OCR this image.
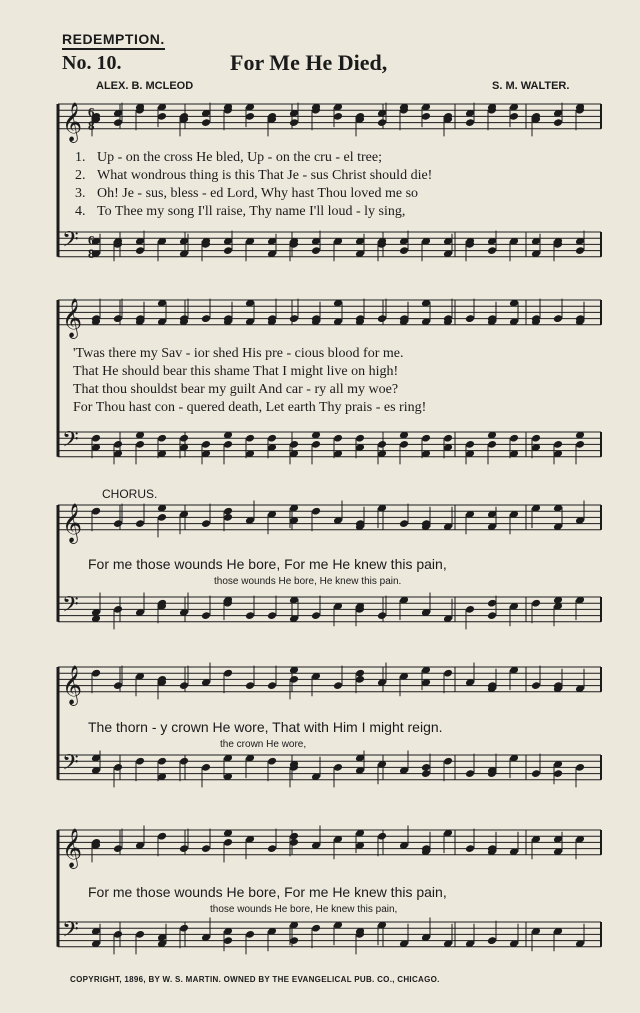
REDEMPTION.
No. 10.	For Me He Died,
ALEX. B. MCLEOD	S. M. WALTER.
𝄞
𝄢
𝄞
𝄢
𝄞
𝄢
𝄞
𝄢
𝄞
𝄢
6
8
6
8
1. Up - on the cross He bled, Up - on the cru - el tree;
2. What wondrous thing is this That Je - sus Christ should die!
3. Oh! Je - sus, bless - ed Lord, Why hast Thou loved me so
4. To Thee my song I'll raise, Thy name I'll loud - ly sing,
'Twas there my Sav - ior shed His pre - cious blood for me.
That He should bear this shame That I might live on high!
That thou shouldst bear my guilt And car - ry all my woe?
For Thou hast con - quered death, Let earth Thy prais - es ring!
CHORUS.
For me those wounds He bore, For me He knew this pain,
those wounds He bore, He knew this pain.
The thorn - y crown He wore, That with Him I might reign.
the crown He wore,
For me those wounds He bore, For me He knew this pain,
those wounds He bore, He knew this pain,
COPYRIGHT, 1896, BY W. S. MARTIN. OWNED BY THE EVANGELICAL PUB. CO., CHICAGO.
